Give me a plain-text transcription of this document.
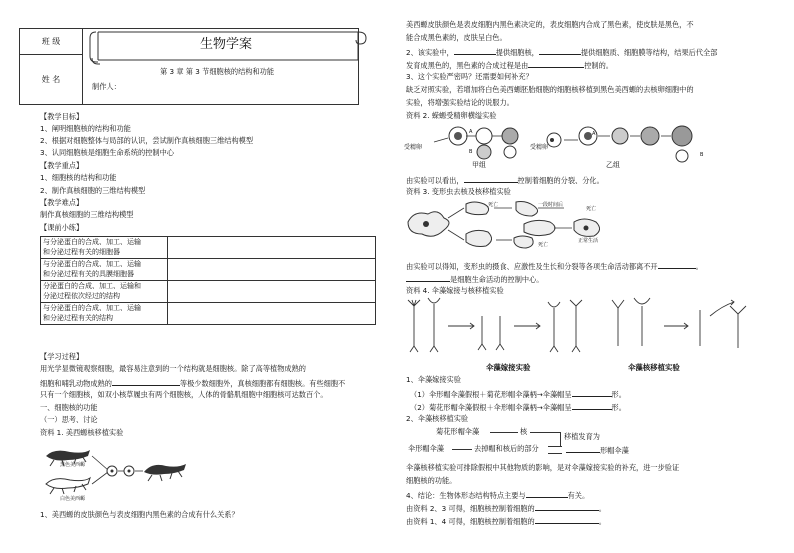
班 级	
姓 名
生物学案
第 3 章 第 3 节细胞核的结构和功能
制作人：
【教学目标】
1、阐明细胞核的结构和功能
2、根据对细胞整体与局部的认识，尝试制作真核细胞三维结构模型
3、认同细胞核是细胞生命系统的控制中心
【教学重点】
1、细胞核的结构和功能
2、制作真核细胞的三维结构模型
【教学难点】
制作真核细胞的三维结构模型
【课前小练】
与分泌蛋白的合成、加工、运输
和分泌过程有关的细胞器	

与分泌蛋白的合成、加工、运输
和分泌过程有关的具膜细胞器	

分泌蛋白的合成、加工、运输和
分泌过程依次经过的结构	

与分泌蛋白的合成、加工、运输
和分泌过程有关的结构	

【学习过程】
用光学显微镜观察细胞，最容易注意到的一个结构就是细胞核。除了高等植物成熟的
细胞和哺乳动物成熟的	等极少数细胞外，真核细胞都有细胞核。有些细胞不
只有一个细胞核，如双小核草履虫有两个细胞核，人体的骨骼肌细胞中细胞核可达数百个。
一、细胞核的功能
（一）思考、讨论
资料 1. 美西螈核移植实验
黑色美西螈
白色美西螈
1、美西螈的皮肤颜色与表皮细胞内黑色素的合成有什么关系？
美西螈皮肤颜色是表皮细胞内黑色素决定的，表皮细胞内合成了黑色素，使皮肤是黑色，不
能合成黑色素的，皮肤呈白色。
2、该实验中，	提供细胞核，	提供细胞质、细胞膜等结构，结果后代全部
发育成黑色的，黑色素的合成过程是由	控制的。
3、这个实验严密吗？还需要如何补充？
缺乏对照实验，若增加将白色美西螈胚胎细胞的细胞核移植到黑色美西螈的去核卵细胞中的
实验，将增强实验结论的说服力。
资料 2. 蝾螈受精卵横缢实验
受精卵	受精卵
甲组	乙组
A
B
A
B
由实验可以看出，	控制着细胞的分裂、分化。
资料 3. 变形虫去核及核移植实验
死亡	一段时间后
死亡
死亡
正常生活
由实验可以得知，变形虫的摄食、应激性及生长和分裂等各项生命活动都离不开	。
是细胞生命活动的控制中心。
资料 4. 伞藻嫁接与核移植实验
伞藻嫁接实验	伞藻核移植实验
1、伞藻嫁接实验
（1）伞形帽伞藻假根＋菊花形帽伞藻柄→伞藻帽呈	形。
（2）菊花形帽伞藻假根＋伞形帽伞藻柄→伞藻帽呈	形。
2、伞藻核移植实验
菊花形帽伞藻	核
伞形帽伞藻	去掉帽和核后的部分
移植发育为
形帽伞藻
伞藻核移植实验可排除假根中其他物质的影响，是对伞藻嫁接实验的补充，进一步验证
细胞核的功能。
4、结论：生物体形态结构特点主要与	有关。
由资料 2、3 可得，细胞核控制着细胞的	。
由资料 1、4 可得，细胞核控制着细胞的	。
